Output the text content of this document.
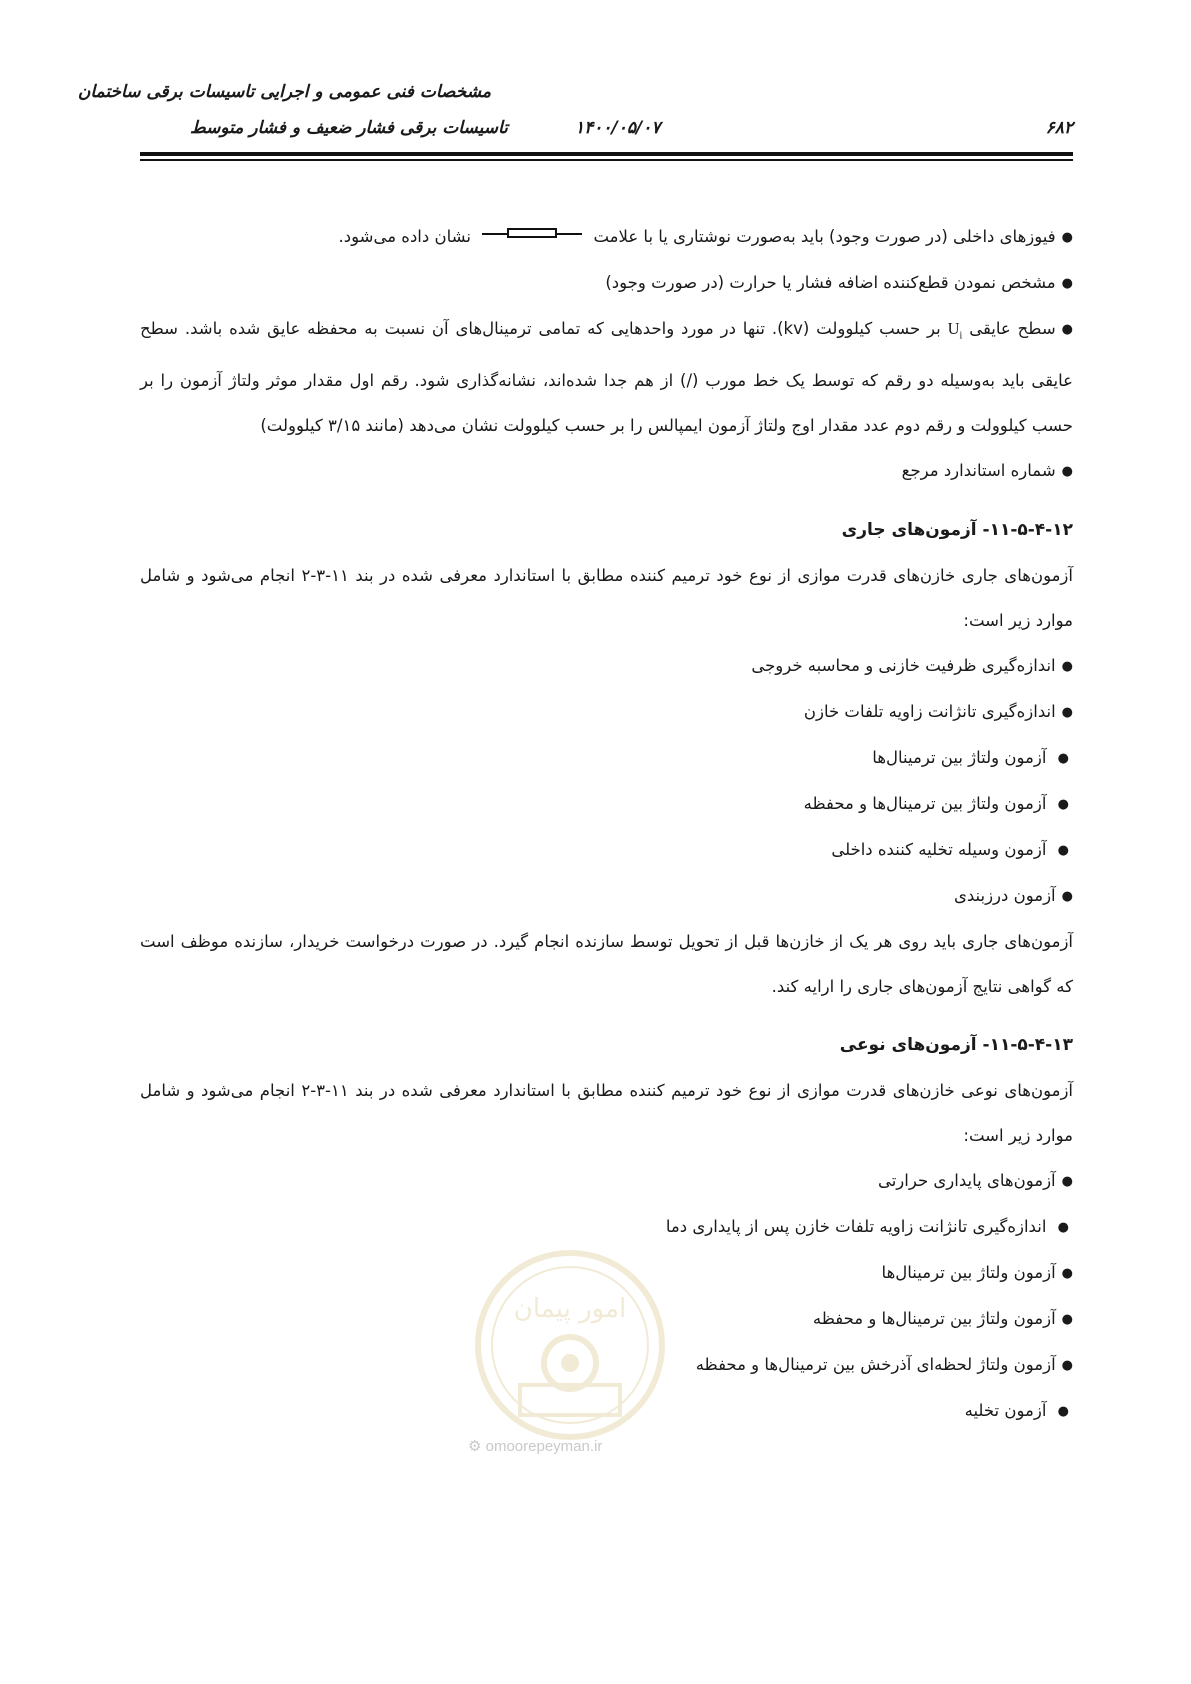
مشخصات فنی عمومی و اجرایی تاسیسات برقی ساختمان
تاسیسات برقی فشار ضعیف و فشار متوسط	۱۴۰۰/۰۵/۰۷	۶۸۲

●فیوزهای داخلی (در صورت وجود) باید به‌صورت نوشتاری یا با علامت
نشان داده می‌شود.

●مشخص نمودن قطع‌کننده اضافه فشار یا حرارت (در صورت وجود)

●سطح عایقی $U_i$ بر حسب کیلوولت (kv). تنها در مورد واحدهایی که تمامی ترمینال‌های آن نسبت به محفظه عایق شده باشد. سطح عایقی باید به‌وسیله دو رقم که توسط یک خط مورب (/) از هم جدا شده‌اند، نشانه‌گذاری شود. رقم اول مقدار موثر ولتاژ آزمون را بر حسب کیلوولت و رقم دوم عدد مقدار اوج ولتاژ آزمون ایمپالس را بر حسب کیلوولت نشان می‌دهد (مانند ۳/۱۵ کیلوولت)

●شماره استاندارد مرجع

۱۱-۵-۴-۱۲- آزمون‌های جاری

آزمون‌های جاری خازن‌های قدرت موازی از نوع خود ترمیم کننده مطابق با استاندارد معرفی شده در بند ۱۱-۳-۲ انجام می‌شود و شامل موارد زیر است:

●اندازه‌گیری ظرفیت خازنی و محاسبه خروجی

●اندازه‌گیری تانژانت زاویه تلفات خازن

● آزمون ولتاژ بین ترمینال‌ها

● آزمون ولتاژ بین ترمینال‌ها و محفظه

● آزمون وسیله تخلیه کننده داخلی

●آزمون درزبندی

آزمون‌های جاری باید روی هر یک از خازن‌ها قبل از تحویل توسط سازنده انجام گیرد. در صورت درخواست خریدار، سازنده موظف است که گواهی نتایج آزمون‌های جاری را ارایه کند.

۱۱-۵-۴-۱۳- آزمون‌های نوعی

آزمون‌های نوعی خازن‌های قدرت موازی از نوع خود ترمیم کننده مطابق با استاندارد معرفی شده در بند ۱۱-۳-۲ انجام می‌شود و شامل موارد زیر است:

●آزمون‌های پایداری حرارتی

● اندازه‌گیری تانژانت زاویه تلفات خازن پس از پایداری دما

●آزمون ولتاژ بین ترمینال‌ها

●آزمون ولتاژ بین ترمینال‌ها و محفظه

●آزمون ولتاژ لحظه‌ای آذرخش بین ترمینال‌ها و محفظه

● آزمون تخلیه

امور پیمان
⚙ omoorepeyman.ir
